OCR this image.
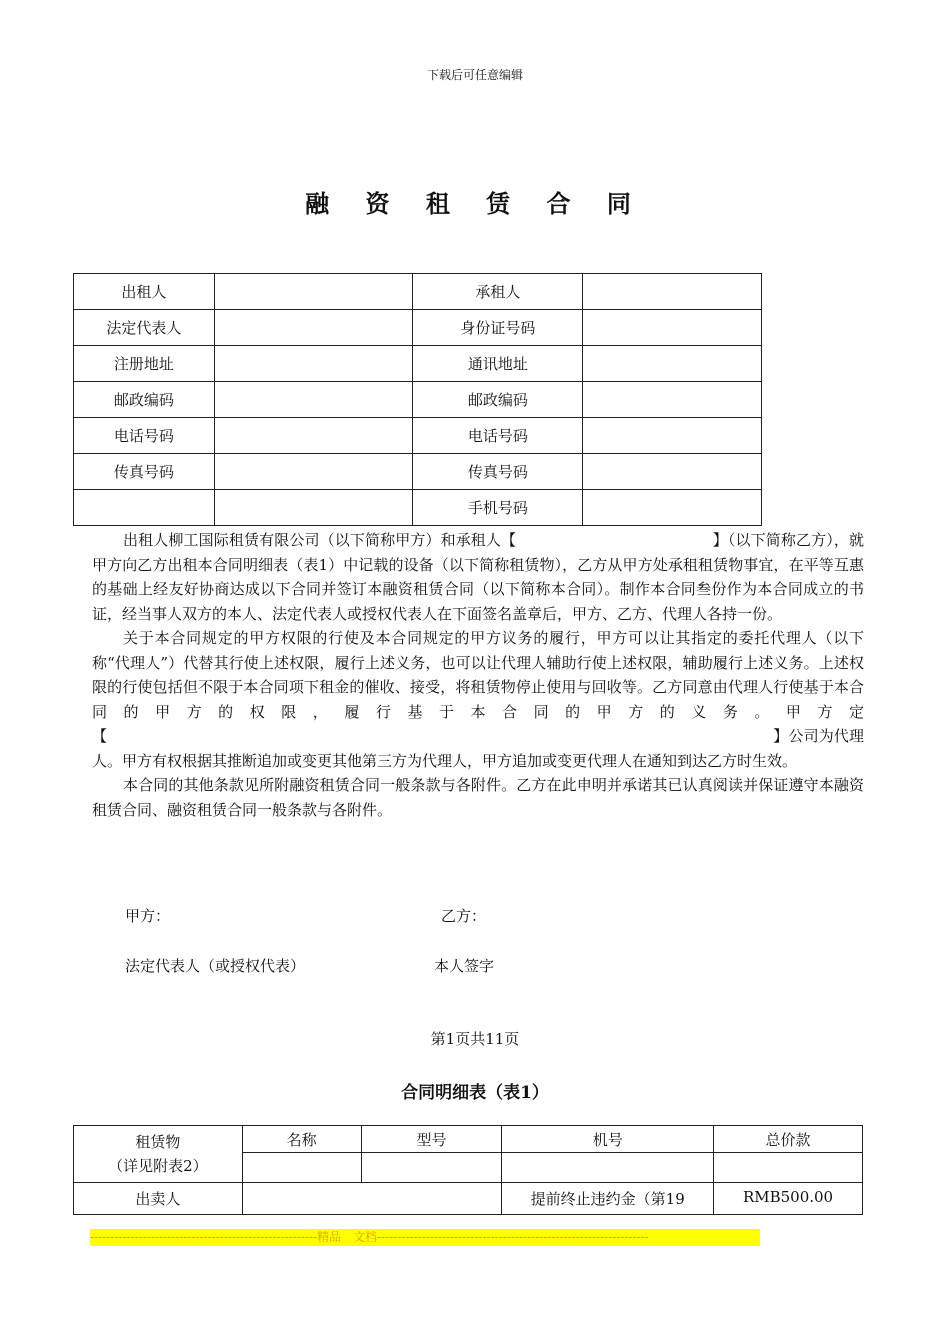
下载后可任意编辑
融 资 租 赁 合 同
出租人		承租人	
法定代表人		身份证号码	
注册地址		通讯地址	
邮政编码		邮政编码	
电话号码		电话号码	
传真号码		传真号码	
		手机号码	

出租人柳工国际租赁有限公司（以下简称甲方）和承租人【　　　　　　　　　　　　　】（以下简称乙方），就甲方向乙方出租本合同明细表（表1）中记载的设备（以下简称租赁物），乙方从甲方处承租租赁物事宜，在平等互惠的基础上经友好协商达成以下合同并签订本融资租赁合同（以下简称本合同）。制作本合同叁份作为本合同成立的书证，经当事人双方的本人、法定代表人或授权代表人在下面签名盖章后，甲方、乙方、代理人各持一份。

关于本合同规定的甲方权限的行使及本合同规定的甲方议务的履行，甲方可以让其指定的委托代理人（以下称“代理人”）代替其行使上述权限，履行上述义务，也可以让代理人辅助行使上述权限，辅助履行上述义务。上述权限的行使包括但不限于本合同项下租金的催收、接受，将租赁物停止使用与回收等。乙方同意由代理人行使基于本合同的甲方的权限，履行基于本合同的甲方的义务。甲方定【　　　　　　　　　　　　　　　　　　　　　　　　　　　　　　　　　　　　　　　　　　　　】公司为代理人。甲方有权根据其推断追加或变更其他第三方为代理人，甲方追加或变更代理人在通知到达乙方时生效。

本合同的其他条款见所附融资租赁合同一般条款与各附件。乙方在此申明并承诺其已认真阅读并保证遵守本融资租赁合同、融资租赁合同一般条款与各附件。

甲方：	乙方：
法定代表人（或授权代表）	本人签字
第1页共11页
合同明细表（表1）
租赁物
（详见附表2）	名称	型号	机号	总价款

出卖人			提前终止违约金（第19	RMB500.00
--------------------------------------------------------精品　文档-------------------------------------------------------------------
